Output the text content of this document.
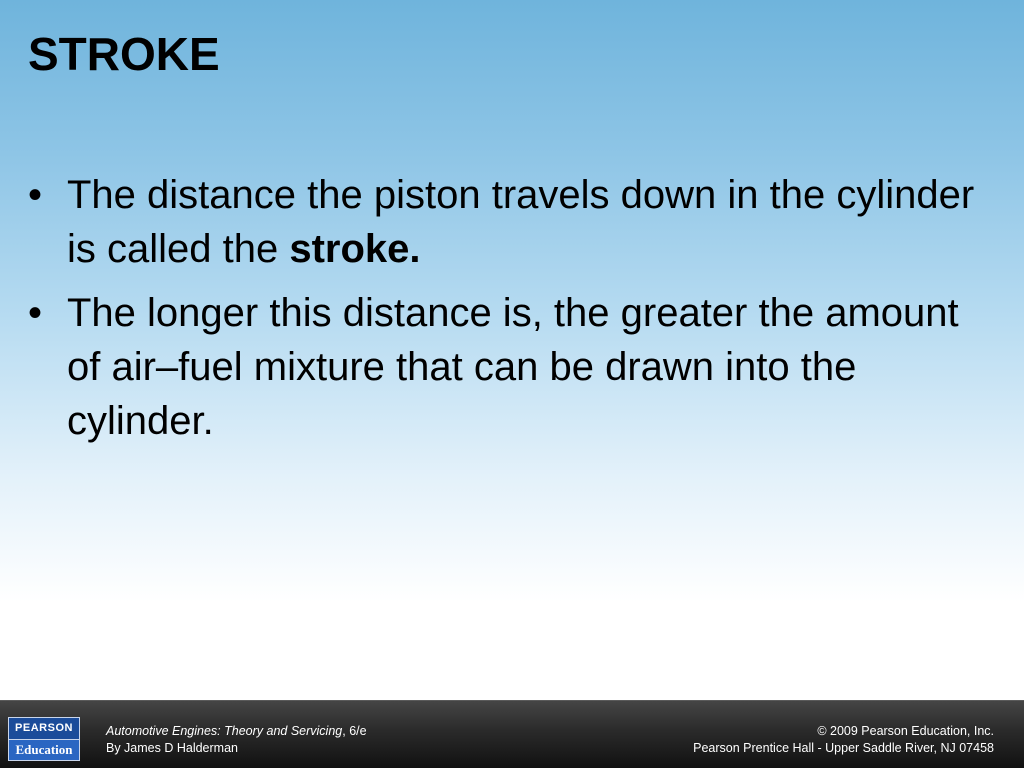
STROKE
• The distance the piston travels down in the cylinder is called the stroke.
• The longer this distance is, the greater the amount of air–fuel mixture that can be drawn into the cylinder.
PEARSON
Education
Automotive Engines: Theory and Servicing, 6/e
By James D Halderman
© 2009 Pearson Education, Inc.
Pearson Prentice Hall - Upper Saddle River, NJ 07458
